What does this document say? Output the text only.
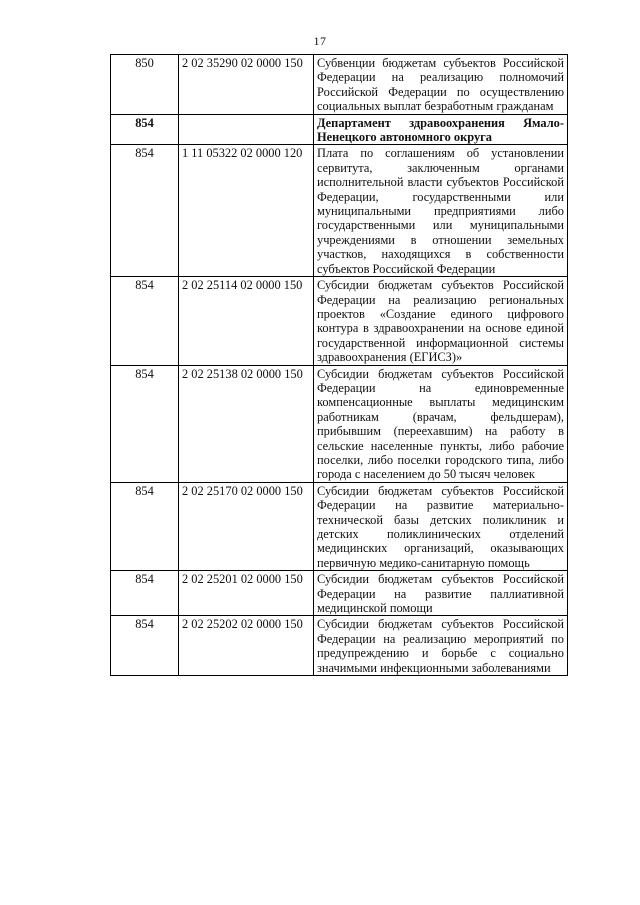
17
850	2 02 35290 02 0000 150	Субвенции бюджетам субъектов Российской Федерации на реализацию полномочий Российской Федерации по осуществлению социальных выплат безработным гражданам
854		Департамент здравоохранения Ямало-Ненецкого автономного округа
854	1 11 05322 02 0000 120	Плата по соглашениям об установлении сервитута, заключенным органами исполнительной власти субъектов Российской Федерации, государственными или муниципальными предприятиями либо государственными или муниципальными учреждениями в отношении земельных участков, находящихся в собственности субъектов Российской Федерации
854	2 02 25114 02 0000 150	Субсидии бюджетам субъектов Российской Федерации на реализацию региональных проектов «Создание единого цифрового контура в здравоохранении на основе единой государственной информационной системы здравоохранения (ЕГИСЗ)»
854	2 02 25138 02 0000 150	Субсидии бюджетам субъектов Российской Федерации на единовременные компенсационные выплаты медицинским работникам (врачам, фельдшерам), прибывшим (переехавшим) на работу в сельские населенные пункты, либо рабочие поселки, либо поселки городского типа, либо города с населением до 50 тысяч человек
854	2 02 25170 02 0000 150	Субсидии бюджетам субъектов Российской Федерации на развитие материально-технической базы детских поликлиник и детских поликлинических отделений медицинских организаций, оказывающих первичную медико-санитарную помощь
854	2 02 25201 02 0000 150	Субсидии бюджетам субъектов Российской Федерации на развитие паллиативной медицинской помощи
854	2 02 25202 02 0000 150	Субсидии бюджетам субъектов Российской Федерации на реализацию мероприятий по предупреждению и борьбе с социально значимыми инфекционными заболеваниями
